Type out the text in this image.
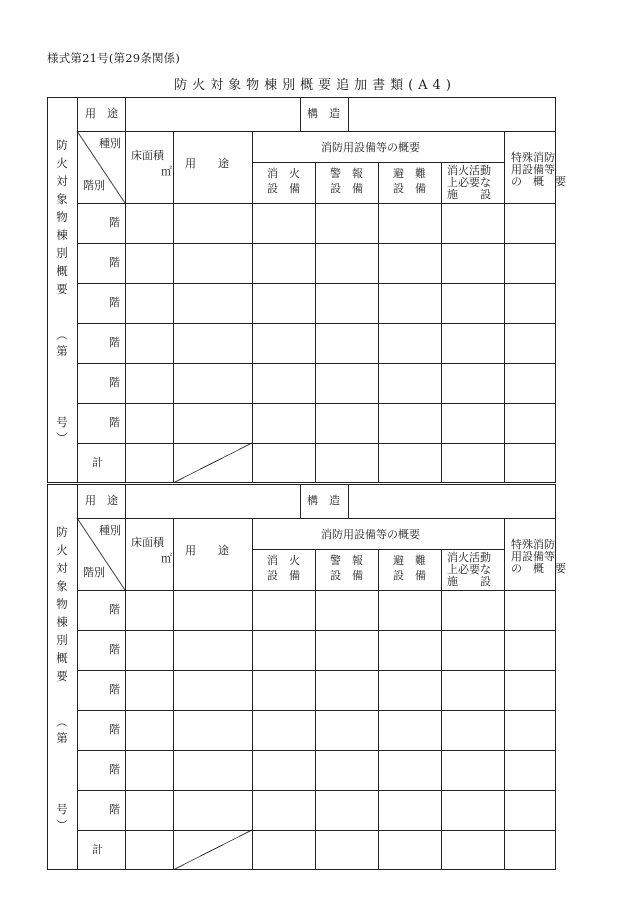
様式第21号(第29条関係)
防火対象物棟別概要追加書類(A4)
用　途	構　造
種別
階別
床面積
㎡
用　　途
消防用設備等の概要
消　火
設　備
警　報
設　備
避　難
設　備
消火活動
上必要な
施　　設
特殊消防
用設備等
の　概　要
階
階
階
階
階
階
計
防
火
対
象
物
棟
別
概
要
︵
第
号
︶
用　途	構　造
種別
階別
床面積
㎡
用　　途
消防用設備等の概要
消　火
設　備
警　報
設　備
避　難
設　備
消火活動
上必要な
施　　設
特殊消防
用設備等
の　概　要
階
階
階
階
階
階
計
防
火
対
象
物
棟
別
概
要
︵
第
号
︶
